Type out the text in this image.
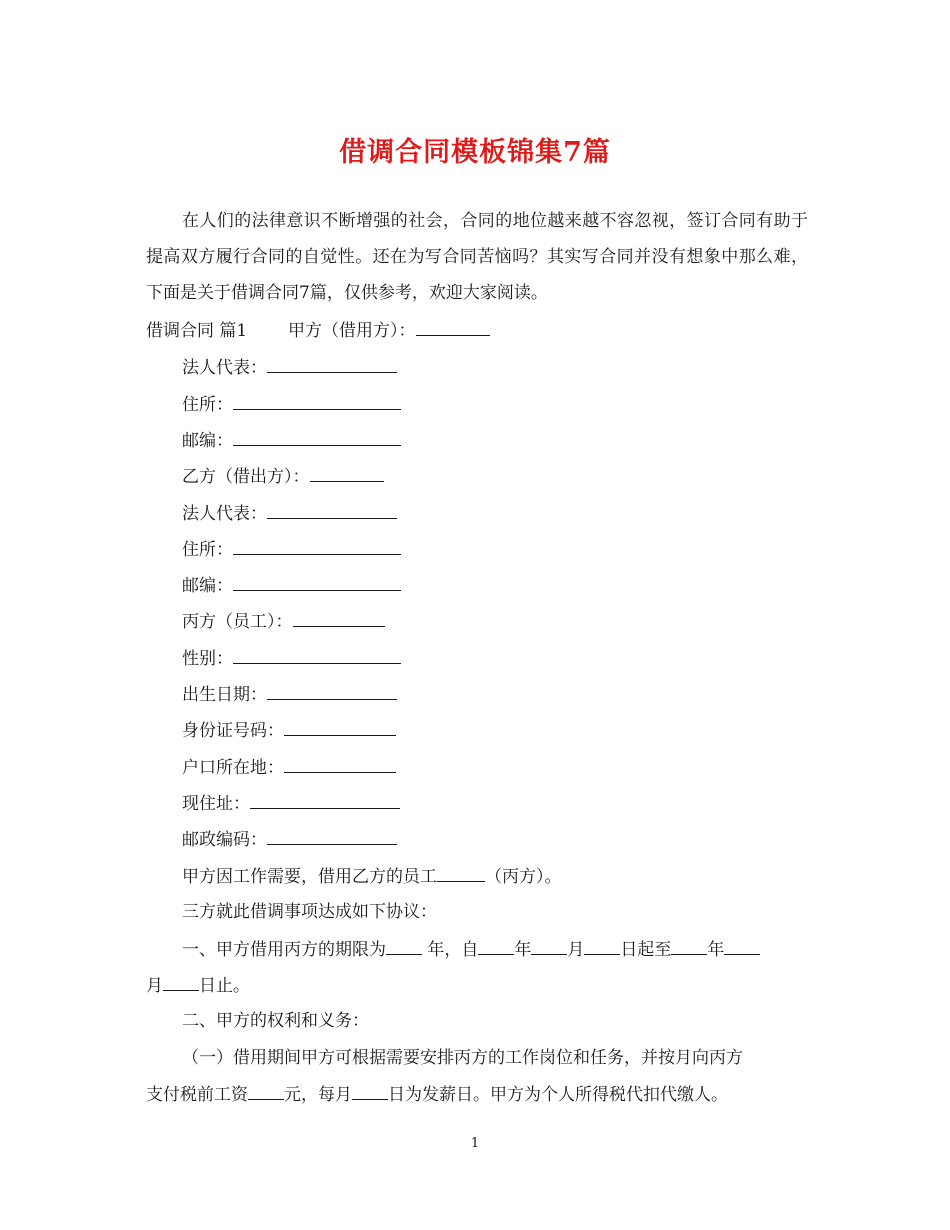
借调合同模板锦集7篇
在人们的法律意识不断增强的社会，合同的地位越来越不容忽视，签订合同有助于提高双方履行合同的自觉性。还在为写合同苦恼吗？其实写合同并没有想象中那么难，下面是关于借调合同7篇，仅供参考，欢迎大家阅读。
借调合同 篇1 甲方（借用方）：
法人代表：
住所：
邮编：
乙方（借出方）：
法人代表：
住所：
邮编：
丙方（员工）：
性别：
出生日期：
身份证号码：
户口所在地：
现住址：
邮政编码：
甲方因工作需要，借用乙方的员工	（丙方）。
三方就此借调事项达成如下协议：
一、甲方借用丙方的期限为 年，自 年 月 日起至 年
月 日止。
二、甲方的权利和义务：
（一）借用期间甲方可根据需要安排丙方的工作岗位和任务，并按月向丙方
支付税前工资 元，每月 日为发薪日。甲方为个人所得税代扣代缴人。
1
